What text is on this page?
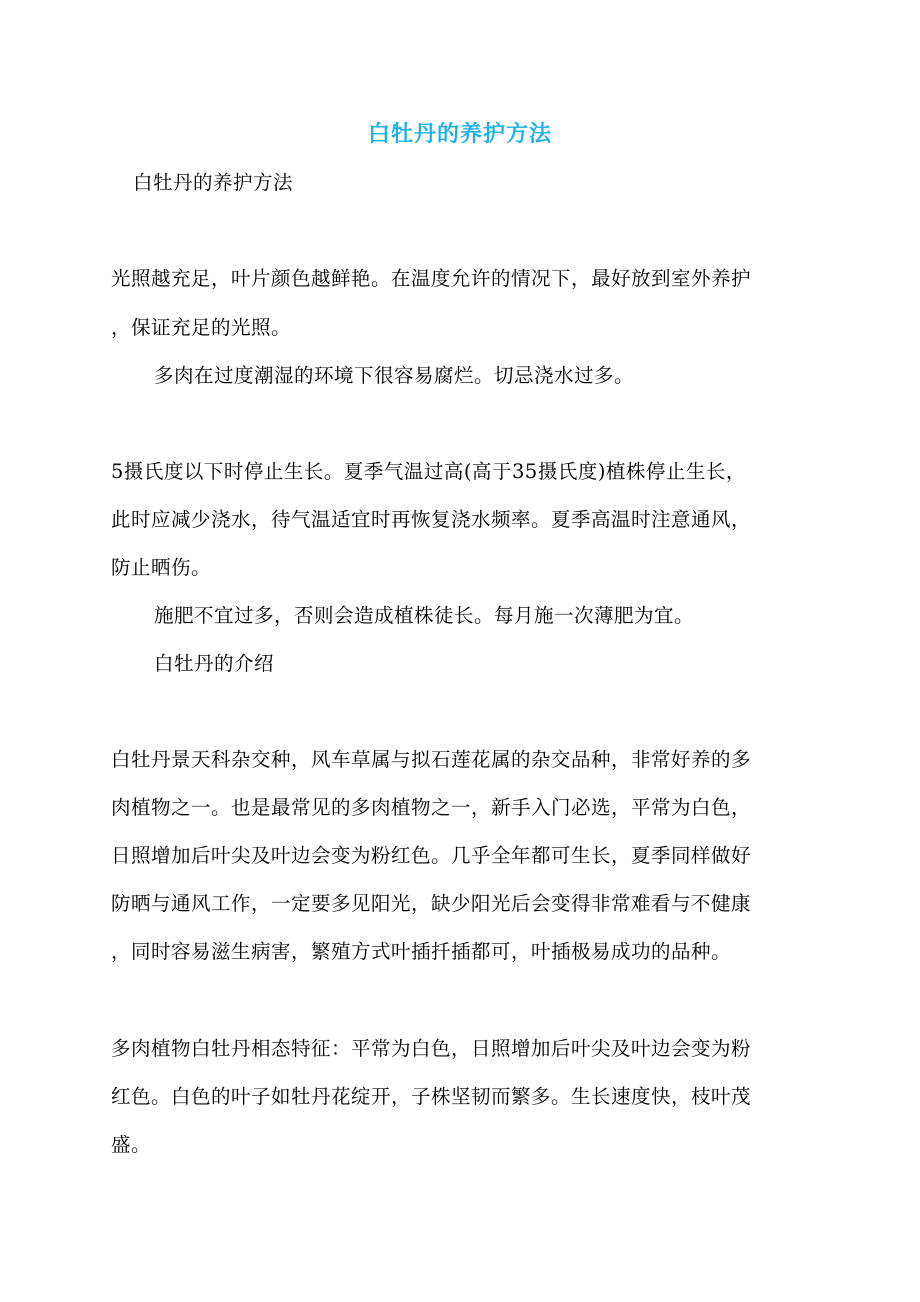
白牡丹的养护方法
白牡丹的养护方法
光照越充足，叶片颜色越鲜艳。在温度允许的情况下，最好放到室外养护
，保证充足的光照。
多肉在过度潮湿的环境下很容易腐烂。切忌浇水过多。
5摄氏度以下时停止生长。夏季气温过高(高于35摄氏度)植株停止生长，
此时应减少浇水，待气温适宜时再恢复浇水频率。夏季高温时注意通风，
防止晒伤。
施肥不宜过多，否则会造成植株徒长。每月施一次薄肥为宜。
白牡丹的介绍
白牡丹景天科杂交种，风车草属与拟石莲花属的杂交品种，非常好养的多
肉植物之一。也是最常见的多肉植物之一，新手入门必选，平常为白色，
日照增加后叶尖及叶边会变为粉红色。几乎全年都可生长，夏季同样做好
防晒与通风工作，一定要多见阳光，缺少阳光后会变得非常难看与不健康
，同时容易滋生病害，繁殖方式叶插扦插都可，叶插极易成功的品种。
多肉植物白牡丹相态特征：平常为白色，日照增加后叶尖及叶边会变为粉
红色。白色的叶子如牡丹花绽开，子株坚韧而繁多。生长速度快，枝叶茂
盛。
